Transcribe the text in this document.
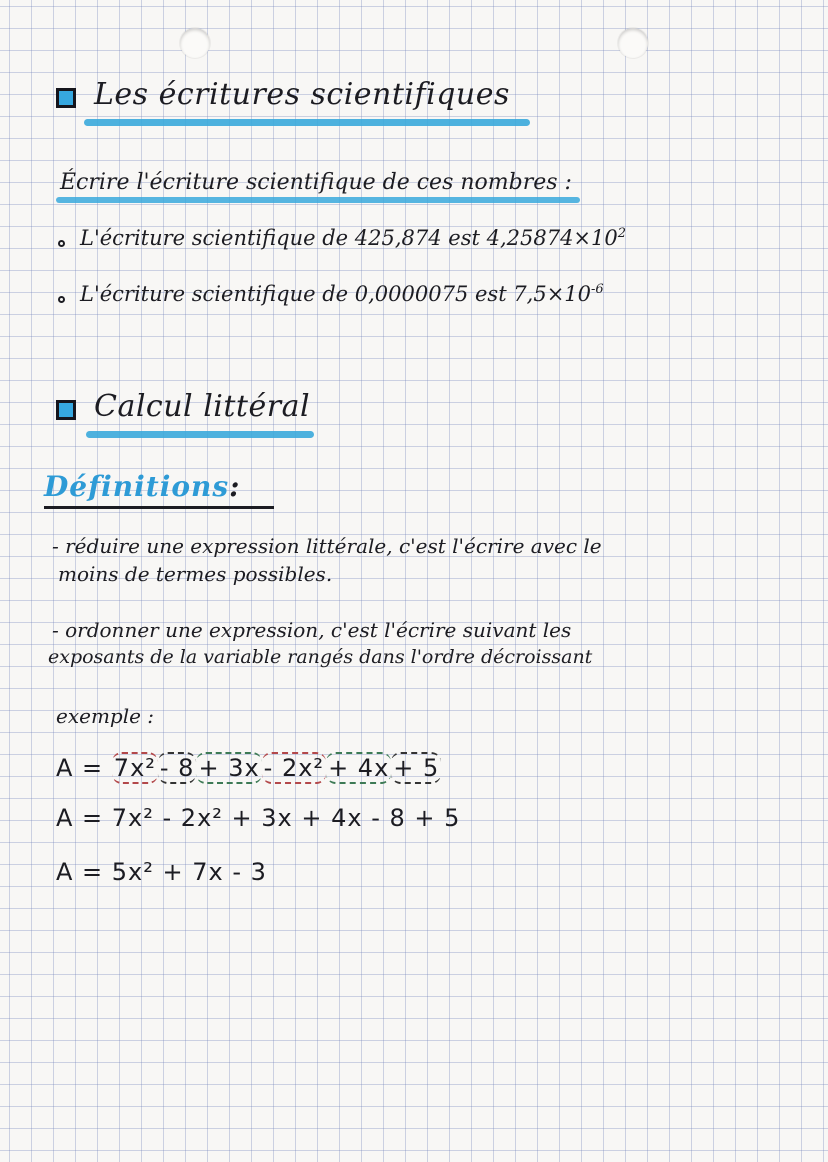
Les écritures scientifiques
Écrire l'écriture scientifique de ces nombres :
L'écriture scientifique de 425,874 est $4,25874\times 10^2$
L'écriture scientifique de 0,0000075 est $7,5\times 10^{-6}$
Calcul littéral
Définitions:
- réduire une expression littérale, c'est l'écrire avec le
moins de termes possibles.
- ordonner une expression, c'est l'écrire suivant les
exposants de la variable rangés dans l'ordre décroissant
exemple :
A = 7x² - 8 + 3x - 2x² + 4x + 5
A = 7x² - 2x² + 3x + 4x - 8 + 5
A = 5x² + 7x - 3
